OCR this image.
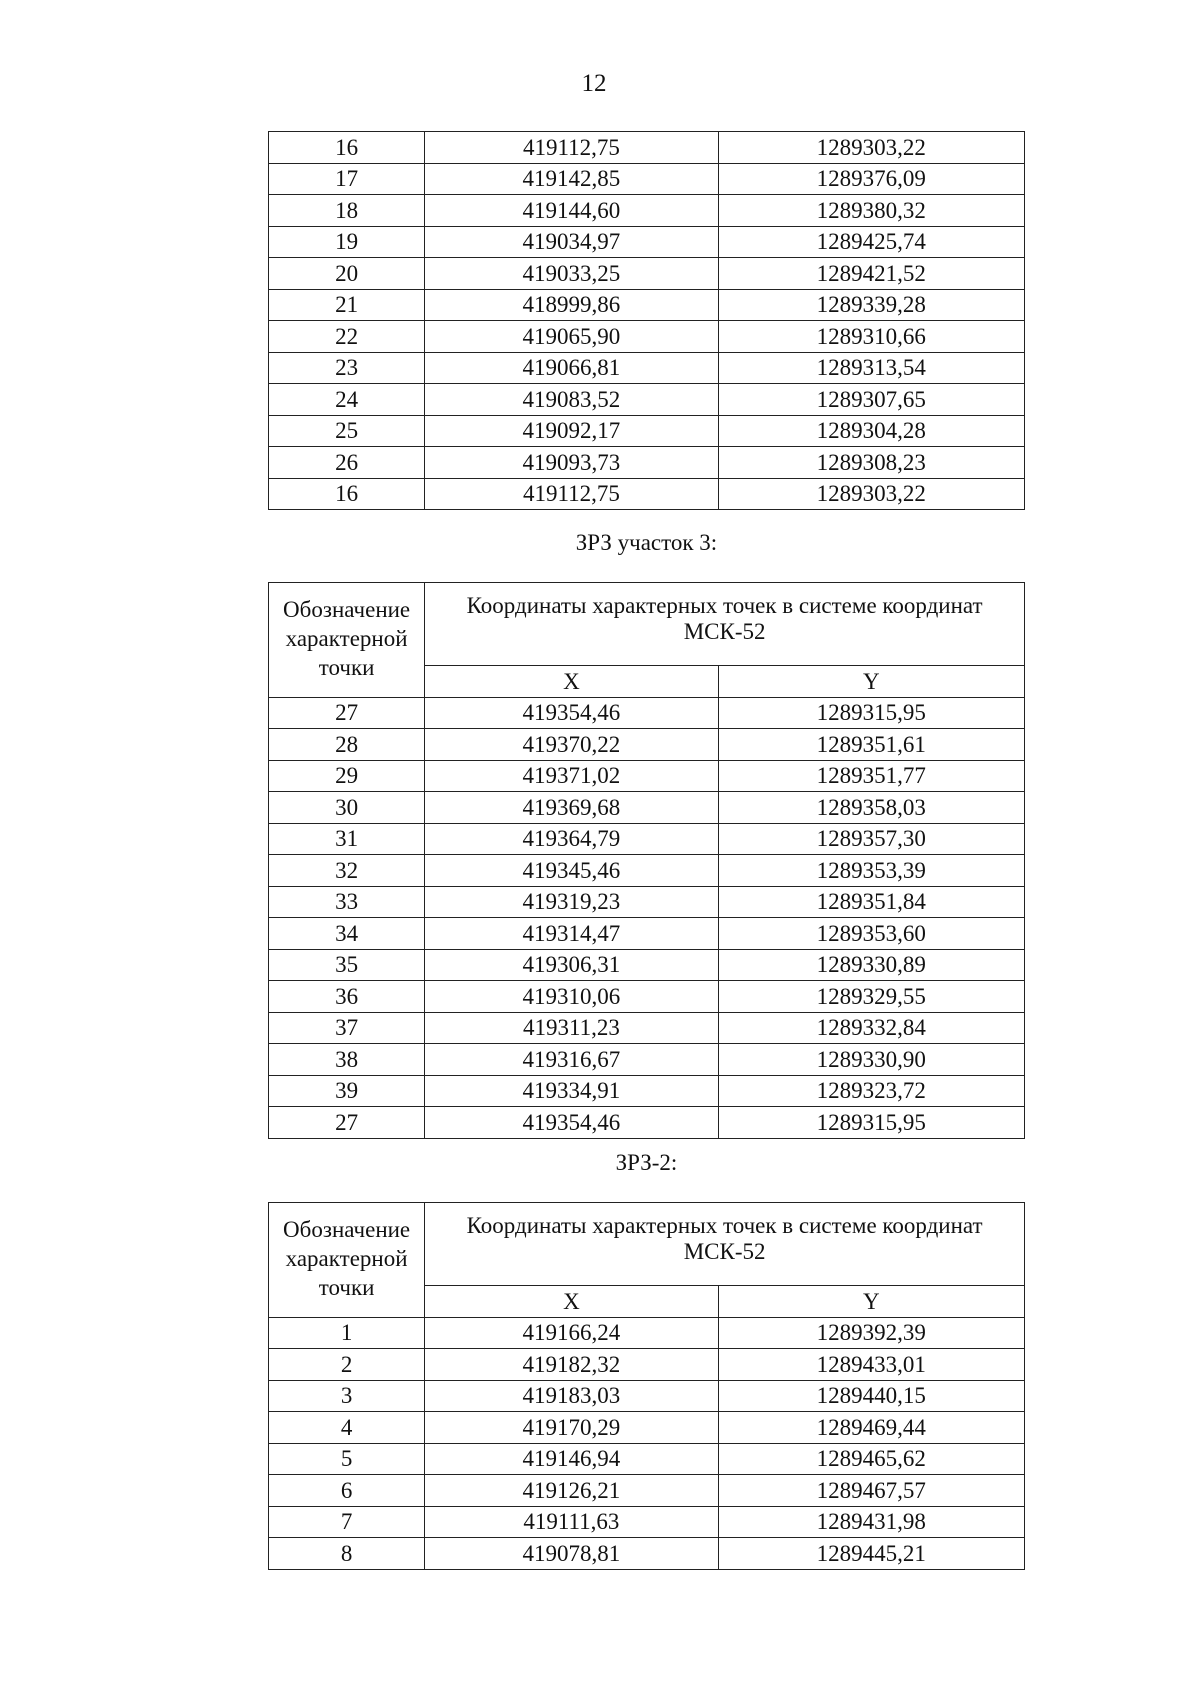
12
16	419112,75	1289303,22
17	419142,85	1289376,09
18	419144,60	1289380,32
19	419034,97	1289425,74
20	419033,25	1289421,52
21	418999,86	1289339,28
22	419065,90	1289310,66
23	419066,81	1289313,54
24	419083,52	1289307,65
25	419092,17	1289304,28
26	419093,73	1289308,23
16	419112,75	1289303,22
ЗРЗ участок 3:
Обозначение характерной точки	Координаты характерных точек в системе координат МСК-52	
	X	Y
27	419354,46	1289315,95
28	419370,22	1289351,61
29	419371,02	1289351,77
30	419369,68	1289358,03
31	419364,79	1289357,30
32	419345,46	1289353,39
33	419319,23	1289351,84
34	419314,47	1289353,60
35	419306,31	1289330,89
36	419310,06	1289329,55
37	419311,23	1289332,84
38	419316,67	1289330,90
39	419334,91	1289323,72
27	419354,46	1289315,95
ЗРЗ-2:
Обозначение характерной точки	Координаты характерных точек в системе координат МСК-52	
	X	Y
1	419166,24	1289392,39
2	419182,32	1289433,01
3	419183,03	1289440,15
4	419170,29	1289469,44
5	419146,94	1289465,62
6	419126,21	1289467,57
7	419111,63	1289431,98
8	419078,81	1289445,21
